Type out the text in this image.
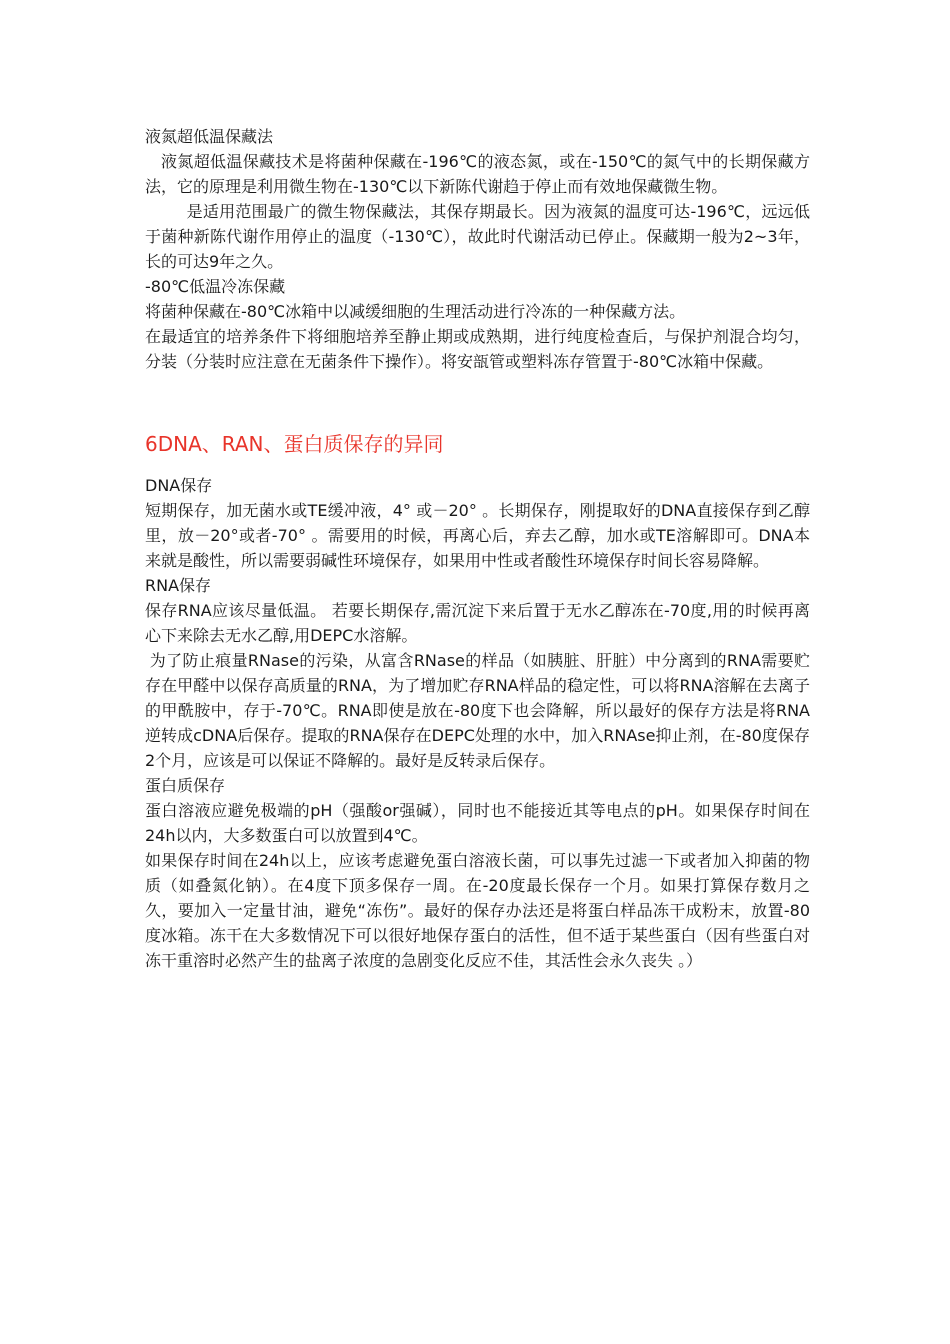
液氮超低温保藏法

液氮超低温保藏技术是将菌种保藏在-196℃的液态氮，或在-150℃的氮气中的长期保藏方法，它的原理是利用微生物在-130℃以下新陈代谢趋于停止而有效地保藏微生物。

是适用范围最广的微生物保藏法，其保存期最长。因为液氮的温度可达-196℃，远远低于菌种新陈代谢作用停止的温度（-130℃），故此时代谢活动已停止。保藏期一般为2~3年，长的可达9年之久。

-80℃低温冷冻保藏

将菌种保藏在-80℃冰箱中以减缓细胞的生理活动进行冷冻的一种保藏方法。

在最适宜的培养条件下将细胞培养至静止期或成熟期，进行纯度检查后，与保护剂混合均匀，分装（分装时应注意在无菌条件下操作）。将安瓿管或塑料冻存管置于-80℃冰箱中保藏。

6DNA、RAN、蛋白质保存的异同

DNA保存

短期保存，加无菌水或TE缓冲液，4° 或－20° 。长期保存，刚提取好的DNA直接保存到乙醇里，放－20°或者-70° 。需要用的时候，再离心后，弃去乙醇，加水或TE溶解即可。DNA本来就是酸性，所以需要弱碱性环境保存，如果用中性或者酸性环境保存时间长容易降解。

RNA保存

保存RNA应该尽量低温。 若要长期保存,需沉淀下来后置于无水乙醇冻在-70度,用的时候再离心下来除去无水乙醇,用DEPC水溶解。

为了防止痕量RNase的污染，从富含RNase的样品（如胰脏、肝脏）中分离到的RNA需要贮存在甲醛中以保存高质量的RNA，为了增加贮存RNA样品的稳定性，可以将RNA溶解在去离子的甲酰胺中，存于-70℃。RNA即使是放在-80度下也会降解，所以最好的保存方法是将RNA逆转成cDNA后保存。提取的RNA保存在DEPC处理的水中，加入RNAse抑止剂，在-80度保存2个月，应该是可以保证不降解的。最好是反转录后保存。

蛋白质保存

蛋白溶液应避免极端的pH（强酸or强碱），同时也不能接近其等电点的pH。如果保存时间在24h以内，大多数蛋白可以放置到4℃。

如果保存时间在24h以上，应该考虑避免蛋白溶液长菌，可以事先过滤一下或者加入抑菌的物质（如叠氮化钠）。在4度下顶多保存一周。在-20度最长保存一个月。如果打算保存数月之久，要加入一定量甘油，避免“冻伤”。最好的保存办法还是将蛋白样品冻干成粉末，放置-80度冰箱。冻干在大多数情况下可以很好地保存蛋白的活性，但不适于某些蛋白（因有些蛋白对冻干重溶时必然产生的盐离子浓度的急剧变化反应不佳，其活性会永久丧失 。）
